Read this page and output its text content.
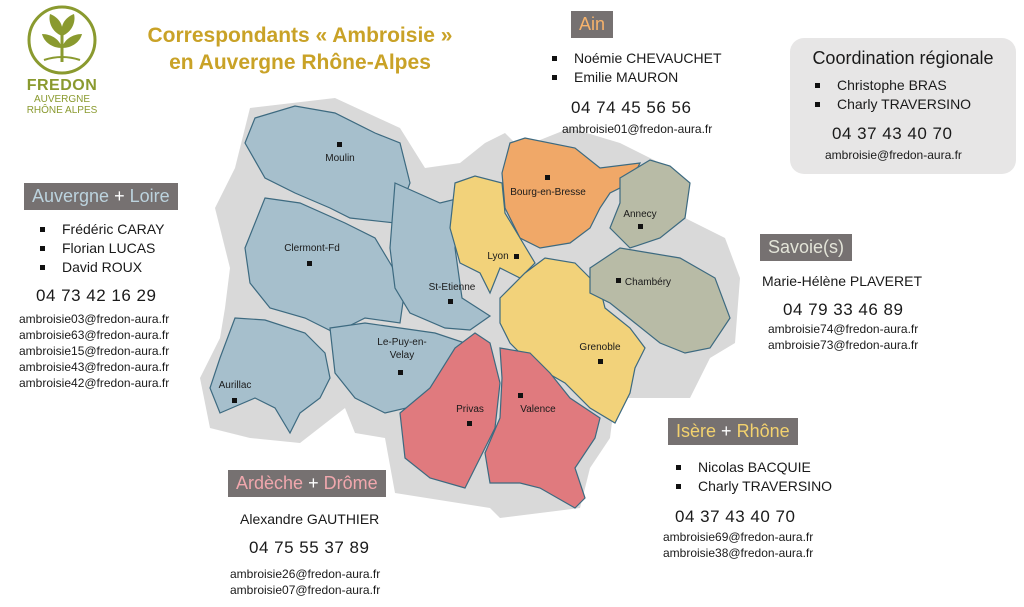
FREDON
AUVERGNE
RHÔNE ALPES
Correspondants « Ambroisie »
en Auvergne Rhône-Alpes
Moulin
Clermont-Fd
Aurillac
Le-Puy-en-
Velay
St-Etienne
Lyon
Bourg-en-Bresse
Annecy
Chambéry
Grenoble
Privas	Valence
Ain
Noémie CHEVAUCHET
Emilie MAURON
04 74 45 56 56
ambroisie01@fredon-aura.fr
Coordination régionale
Christophe BRAS
Charly TRAVERSINO
04 37 43 40 70
ambroisie@fredon-aura.fr
Auvergne + Loire
Frédéric CARAY
Florian LUCAS
David ROUX
04 73 42 16 29
ambroisie03@fredon-aura.fr
ambroisie63@fredon-aura.fr
ambroisie15@fredon-aura.fr
ambroisie43@fredon-aura.fr
ambroisie42@fredon-aura.fr
Savoie(s)
Marie-Hélène PLAVERET
04 79 33 46 89
ambroisie74@fredon-aura.fr
ambroisie73@fredon-aura.fr
Isère + Rhône
Nicolas BACQUIE
Charly TRAVERSINO
04 37 43 40 70
ambroisie69@fredon-aura.fr
ambroisie38@fredon-aura.fr
Ardèche + Drôme
Alexandre GAUTHIER
04 75 55 37 89
ambroisie26@fredon-aura.fr
ambroisie07@fredon-aura.fr
